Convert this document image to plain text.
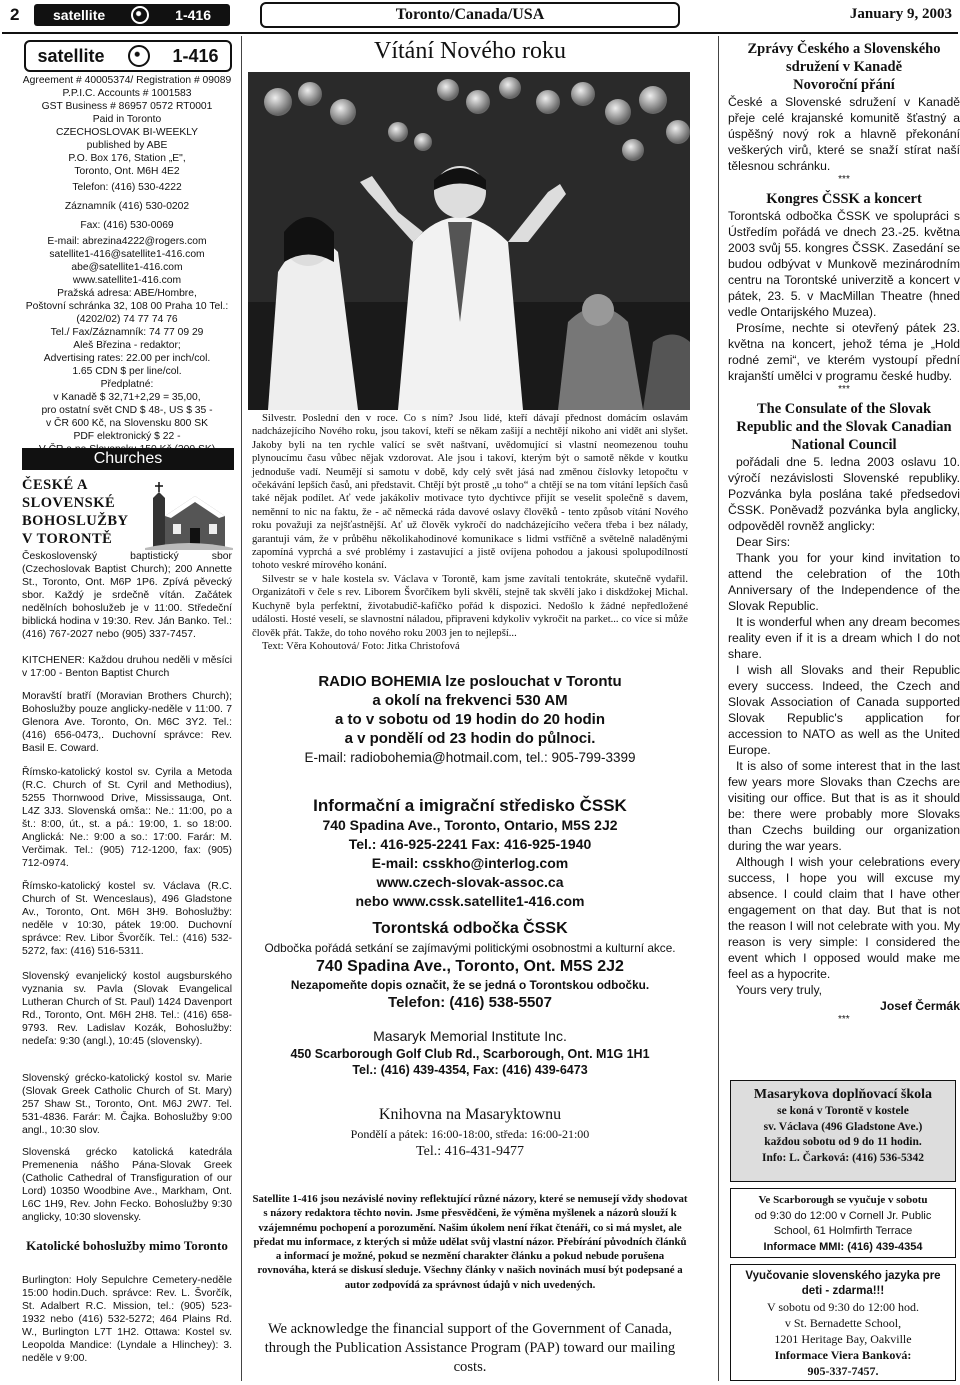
2 satellite	1-416	Toronto/Canada/USA	January 9, 2003
satellite	1-416
Agreement # 40005374/ Registration # 09089
P.P.I.C. Accounts # 1001583
GST Business # 86957 0572 RT0001
Paid in Toronto
CZECHOSLOVAK BI-WEEKLY
published by ABE
P.O. Box 176, Station „E",
Toronto, Ont. M6H 4E2
Telefon: (416) 530-4222
Záznamník (416) 530-0202
Fax: (416) 530-0069
E-mail: abrezina4222@rogers.com
satellite1-416@satellite1-416.com
abe@satellite1-416.com
www.satellite1-416.com
Pražská adresa: ABE/Hombre,
Poštovní schránka 32, 108 00 Praha 10 Tel.:
(4202/02) 74 77 74 76
Tel./ Fax/Záznamník: 74 77 09 29
Aleš Březina - redaktor;
Advertising rates: 22.00 per inch/col.
1.65 CDN $ per line/col.
Předplatné:
v Kanadě $ 32,71+2,29 = 35,00,
pro ostatní svět CND $ 48-, US $ 35 -
v ČR 600 Kč, na Slovensku 800 SK
PDF elektronický $ 22 -
Churches
ČESKÉ A SLOVENSKÉ BOHOSLUŽBY V TORONTĚ
Československý baptistický sbor (Czechoslovak Baptist Church); 200 Annette St., Toronto, Ont. M6P 1P6. Zpívá pěvecký sbor. Každý je srdečně vítán. Začátek nedělních bohoslužeb je v 11:00. Středeční biblická hodina v 19:30. Rev. Ján Banko. Tel.: (416) 767-2027 nebo (905) 337-7457.
KITCHENER: Každou druhou neděli v měsíci v 17:00 - Benton Baptist Church
Moravští bratří (Moravian Brothers Church); Bohoslužby pouze anglicky-neděle v 11:00. 7 Glenora Ave. Toronto, On. M6C 3Y2. Tel.: (416) 656-0473,. Duchovní správce: Rev. Basil E. Coward.
Římsko-katolický kostol sv. Cyrila a Metoda (R.C. Church of St. Cyril and Methodius), 5255 Thornwood Drive, Mississauga, Ont. L4Z 3J3. Slovenská omša:: Ne.: 11:00, po a št.: 8:00, út., st. a pá.: 19:00, 1. so 18:00. Anglická: Ne.: 9:00 a so.: 17:00. Farár: M. Verčimak. Tel.: (905) 712-1200, fax: (905) 712-0974.
Římsko-katolický kostel sv. Václava (R.C. Church of St. Wenceslaus), 496 Gladstone Av., Toronto, Ont. M6H 3H9. Bohoslužby: neděle v 10:30, pátek 19:00. Duchovní správce: Rev. Libor Švorčík. Tel.: (416) 532-5272, fax: (416) 516-5311.
Slovenský evanjelický kostol augsburského vyznania sv. Pavla (Slovak Evangelical Lutheran Church of St. Paul) 1424 Davenport Rd., Toronto, Ont. M6H 2H8. Tel.: (416) 658-9793. Rev. Ladislav Kozák, Bohoslužby: nedeľa: 9:30 (angl.), 10:45 (slovensky).
Slovenský grécko-katolický kostol sv. Marie (Slovak Greek Catholic Church of St. Mary) 257 Shaw St., Toronto, Ont. M6J 2W7. Tel. 531-4836. Farár: M. Čajka. Bohoslužby 9:00 angl., 10:30 slov.
Slovenská grécko katolická katedrála Premenenia nášho Pána-Slovak Greek (Catholic Cathedral of Transfiguration of our Lord) 10350 Woodbine Ave., Markham, Ont. L6C 1H9, Rev. John Fecko. Bohoslužby 9:30 anglicky, 10:30 slovensky.
Katolické bohoslužby mimo Toronto
Burlington: Holy Sepulchre Cemetery-neděle 15:00 hodin.Duch. správce: Rev. L. Švorčík, St. Adalbert R.C. Mission, tel.: (905) 523-1932 nebo (416) 532-5272; 464 Plains Rd. W., Burlington L7T 1H2. Ottawa: Kostel sv. Leopolda Mandice: (Lyndale a Hlinchey): 3. neděle v 9:00.
Vítání Nového roku
Silvestr. Poslední den v roce. Co s ním? Jsou lidé, kteří dávají přednost domácím oslavám nadcházejícího Nového roku, jsou takoví, kteří se někam zašijí a nechtějí nikoho ani vidět ani slyšet. Jakoby byli na ten rychle valící se svět naštvaní, uvědomující si vlastní neomezenou touhu plynoucímu času vůbec nějak vzdorovat. Ale jsou i takoví, kterým být o samotě někde v koutku jednoduše vadí. Neumějí si samotu v době, kdy celý svět jásá nad změnou číslovky letopočtu v očekávání lepších časů, ani představit. Chtějí být prostě „u toho“ a chtějí se na tom vítání lepších časů také nějak podílet. Ať vede jakákoliv motivace tyto dychtivce přijít se veselit společně s davem, neměnní to nic na faktu, že - ač německá ráda davové oslavy člověků - tento způsob vítání Nového roku považuji za nejšťastnější. Ať už člověk vykročí do nadcházejícího večera třeba i bez nálady, garantuji vám, že v průběhu několikahodinové komunikace s lidmi vstříčně a světelně naladěnými zapomíná vyprchá a své problémy i zastavující a jistě ovíjena pohodou a jakousi spolupodílností tohoto veskré mírového konání.
Silvestr se v hale kostela sv. Václava v Torontě, kam jsme zavítali tentokráte, skutečně vydařil. Organizátoři v čele s rev. Liborem Švorčíkem byli skvělí, stejně tak skvělí jako i diskdžokej Michal. Kuchyně byla perfektní, životabudič-kafíčko pořád k dispozici. Nedošlo k žádné nepředložené události. Hosté veselí, se slavnostní náladou, připraveni kdykoliv vykročit na parket... co více si může člověk přát. Takže, do toho nového roku 2003 jen to nejlepší...
Text: Věra Kohoutová/ Foto: Jitka Christofová
RADIO BOHEMIA lze poslouchat v Torontu
a okolí na frekvenci 530 AM
a to v sobotu od 19 hodin do 20 hodin
a v pondělí od 23 hodin do půlnoci.
E-mail: radiobohemia@hotmail.com, tel.: 905-799-3399
Informační a imigrační středisko ČSSK
740 Spadina Ave., Toronto, Ontario, M5S 2J2
Tel.: 416-925-2241 Fax: 416-925-1940
E-mail: csskho@interlog.com
www.czech-slovak-assoc.ca
nebo www.cssk.satellite1-416.com
Torontská odbočka ČSSK
Odbočka pořádá setkání se zajímavými politickými osobnostmi a kulturní akce.
740 Spadina Ave., Toronto, Ont. M5S 2J2
Nezapomeňte dopis označit, že se jedná o Torontskou odbočku.
Telefon: (416) 538-5507
Masaryk Memorial Institute Inc.
450 Scarborough Golf Club Rd., Scarborough, Ont. M1G 1H1
Tel.: (416) 439-4354, Fax: (416) 439-6473
Knihovna na Masaryktownu
Pondělí a pátek: 16:00-18:00, středa: 16:00-21:00
Tel.: 416-431-9477
Satellite 1-416 jsou nezávislé noviny reflektující různé názory, které se nemusejí vždy shodovat s názory redaktora těchto novin. Jsme přesvědčeni, že výměna myšlenek a názorů slouží k vzájemnému pochopení a porozumění. Našim úkolem není říkat čtenáři, co si má myslet, ale předat mu informace, z kterých si může udělat svůj vlastní názor. Přebírání původních článků a informací je možné, pokud se nezmění charakter článku a pokud nebude porušena rovnováha, která se diskusí sleduje. Všechny články v našich novinách musí být podepsané a autor zodpovídá za správnost údajů v nich uvedených.
We acknowledge the financial support of the Government of Canada, through the Publication Assistance Program (PAP) toward our mailing costs.
Zprávy Českého a Slovenského sdružení v Kanadě
Novoroční přání
České a Slovenské sdružení v Kanadě přeje celé krajanské komunitě šťastný a úspěšný nový rok a hlavně překonání veškerých virů, které se snaží stírat naší tělesnou schránku.
***
Kongres ČSSK a koncert
Torontská odbočka ČSSK ve spolupráci s Ústředím pořádá ve dnech 23.-25. května 2003 svůj 55. kongres ČSSK. Zasedání se budou odbývat v Munkově mezinárodním centru na Torontské univerzitě a koncert v pátek, 23. 5. v MacMillan Theatre (hned vedle Ontarijského Muzea).
Prosíme, nechte si otevřený pátek 23. května na koncert, jehož téma je „Hold rodné zemi“, ve kterém vystoupí přední krajanští umělci v programu české hudby.
***
The Consulate of the Slovak Republic and the Slovak Canadian National Council
pořádali dne 5. ledna 2003 oslavu 10. výročí nezávislosti Slovenské republiky. Pozvánka byla poslána také předsedovi ČSSK. Poněvadž pozvánka byla anglicky, odpověděl rovněž anglicky:
Dear Sirs:
Thank you for your kind invitation to attend the celebration of the 10th Anniversary of the Independence of the Slovak Republic.
It is wonderful when any dream becomes reality even if it is a dream which I do not share.
I wish all Slovaks and their Republic every success. Indeed, the Czech and Slovak Association of Canada supported Slovak Republic's application for accession to NATO as well as the United Europe.
It is also of some interest that in the last few years more Slovaks than Czechs are visiting our office. But that is as it should be: there were probably more Slovaks than Czechs building our organization during the war years.
Although I wish your celebrations every success, I hope you will excuse my absence. I could claim that I have other engagement on that day. But that is not the reason I will not celebrate with you. My reason is very simple: I considered the event which I opposed would make me feel as a hypocrite.
Yours very truly,
Josef Čermák
***
Masarykova doplňovací škola
se koná v Torontě v kostele
sv. Václava (496 Gladstone Ave.)
každou sobotu od 9 do 11 hodin.
Info: L. Čarková: (416) 536-5342
Ve Scarborough se vyučuje v sobotu
od 9:30 do 12:00 v Cornell Jr. Public
School, 61 Holmfirth Terrace
Informace MMI: (416) 439-4354
Vyučovanie slovenského jazyka pre deti - zdarma!!!
V sobotu od 9:30 do 12:00 hod.
v St. Bernadette School,
1201 Heritage Bay, Oakville
Informace Viera Banková:
905-337-7457.
